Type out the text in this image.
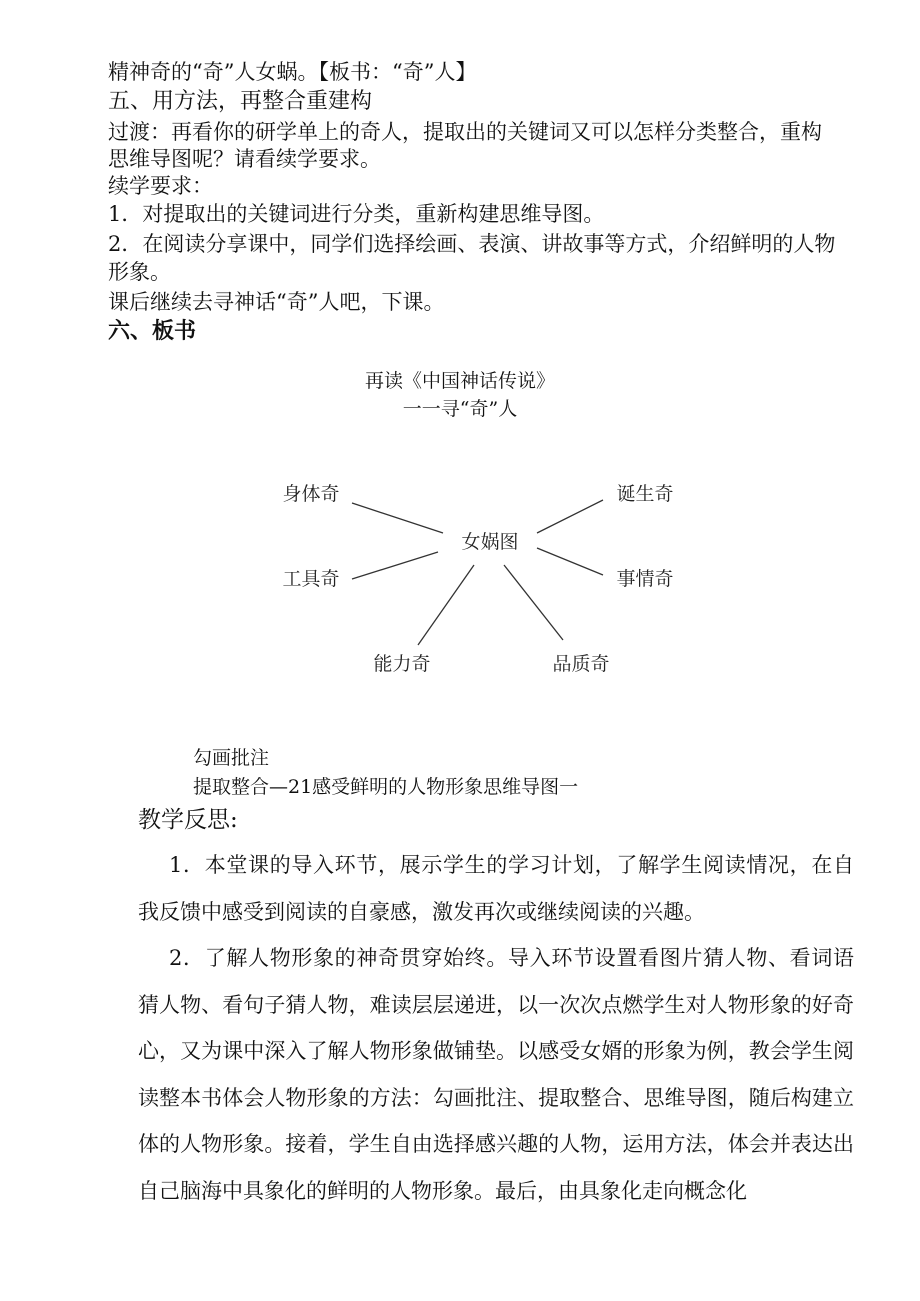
精神奇的“奇”人女蜗。【板书：“奇”人】
五、用方法，再整合重建构
过渡：再看你的研学单上的奇人，提取出的关键词又可以怎样分类整合，重构
思维导图呢？请看续学要求。
续学要求：
1．对提取出的关键词进行分类，重新构建思维导图。
2．在阅读分享课中，同学们选择绘画、表演、讲故事等方式，介绍鲜明的人物
形象。
课后继续去寻神话“奇”人吧，下课。
六、板书
再读《中国神话传说》
一一寻“奇”人
女娲图
身体奇	诞生奇
工具奇	事情奇
能力奇	品质奇
勾画批注
提取整合—21感受鲜明的人物形象思维导图一
教学反思:
1．本堂课的导入环节，展示学生的学习计划，了解学生阅读情况，在自我反馈中感受到阅读的自豪感，激发再次或继续阅读的兴趣。
2．了解人物形象的神奇贯穿始终。导入环节设置看图片猜人物、看词语猜人物、看句子猜人物，难读层层递进，以一次次点燃学生对人物形象的好奇心，又为课中深入了解人物形象做铺垫。以感受女婿的形象为例，教会学生阅读整本书体会人物形象的方法：勾画批注、提取整合、思维导图，随后构建立体的人物形象。接着，学生自由选择感兴趣的人物，运用方法，体会并表达出自己脑海中具象化的鲜明的人物形象。最后，由具象化走向概念化
